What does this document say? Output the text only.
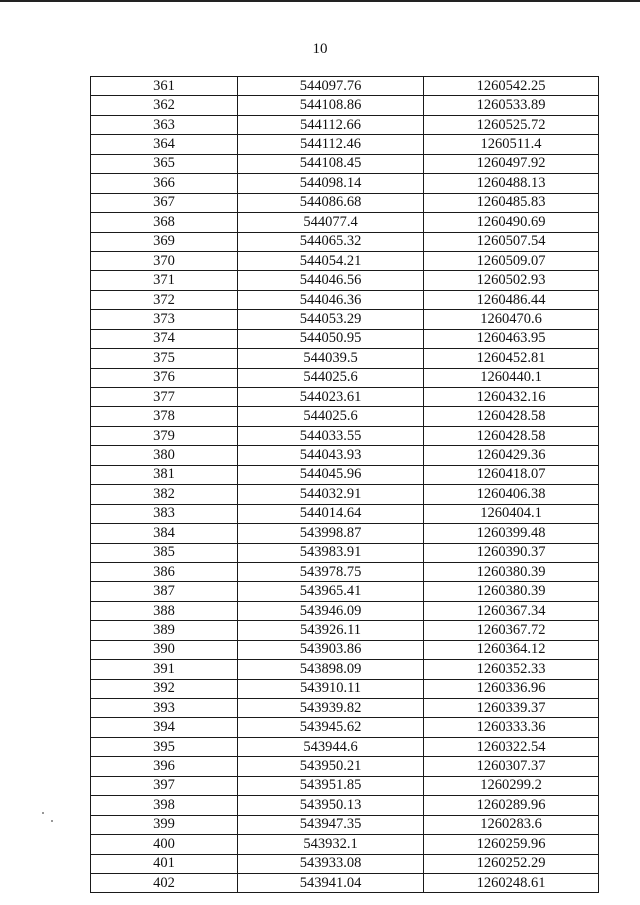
10
361	544097.76	1260542.25
362	544108.86	1260533.89
363	544112.66	1260525.72
364	544112.46	1260511.4
365	544108.45	1260497.92
366	544098.14	1260488.13
367	544086.68	1260485.83
368	544077.4	1260490.69
369	544065.32	1260507.54
370	544054.21	1260509.07
371	544046.56	1260502.93
372	544046.36	1260486.44
373	544053.29	1260470.6
374	544050.95	1260463.95
375	544039.5	1260452.81
376	544025.6	1260440.1
377	544023.61	1260432.16
378	544025.6	1260428.58
379	544033.55	1260428.58
380	544043.93	1260429.36
381	544045.96	1260418.07
382	544032.91	1260406.38
383	544014.64	1260404.1
384	543998.87	1260399.48
385	543983.91	1260390.37
386	543978.75	1260380.39
387	543965.41	1260380.39
388	543946.09	1260367.34
389	543926.11	1260367.72
390	543903.86	1260364.12
391	543898.09	1260352.33
392	543910.11	1260336.96
393	543939.82	1260339.37
394	543945.62	1260333.36
395	543944.6	1260322.54
396	543950.21	1260307.37
397	543951.85	1260299.2
398	543950.13	1260289.96
399	543947.35	1260283.6
400	543932.1	1260259.96
401	543933.08	1260252.29
402	543941.04	1260248.61
